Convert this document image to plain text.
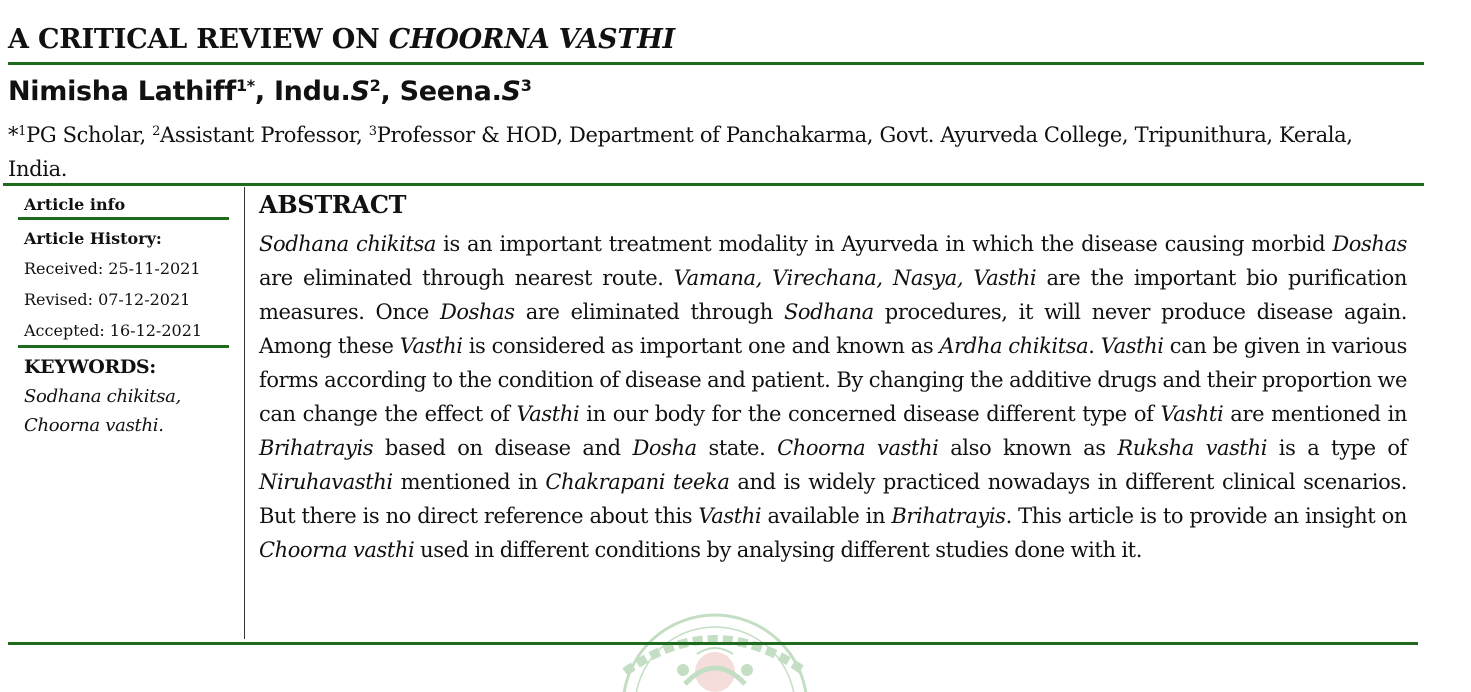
A CRITICAL REVIEW ON CHOORNA VASTHI
Nimisha Lathiff$^{1*}$, $Indu.S^2$, $Seena.S^3$
*$^1$PG Scholar, $^2$Assistant Professor, $^3$Professor & HOD, Department of Panchakarma, Govt. Ayurveda College, Tripunithura, Kerala, India.
Article info
Article History:
Received: 25-11-2021
Revised: 07-12-2021
Accepted: 16-12-2021
KEYWORDS:
Sodhana chikitsa,
Choorna vasthi.
ABSTRACT
Sodhana chikitsa is an important treatment modality in Ayurveda in which the disease causing morbid Doshas are eliminated through nearest route. Vamana, Virechana, Nasya, Vasthi are the important bio purification measures. Once Doshas are eliminated through Sodhana procedures, it will never produce disease again. Among these Vasthi is considered as important one and known as Ardha chikitsa. Vasthi can be given in various forms according to the condition of disease and patient. By changing the additive drugs and their proportion we can change the effect of Vasthi in our body for the concerned disease different type of Vashti are mentioned in Brihatrayis based on disease and Dosha state. Choorna vasthi also known as Ruksha vasthi is a type of Niruhavasthi mentioned in Chakrapani teeka and is widely practiced nowadays in different clinical scenarios. But there is no direct reference about this Vasthi available in Brihatrayis. This article is to provide an insight on Choorna vasthi used in different conditions by analysing different studies done with it.
